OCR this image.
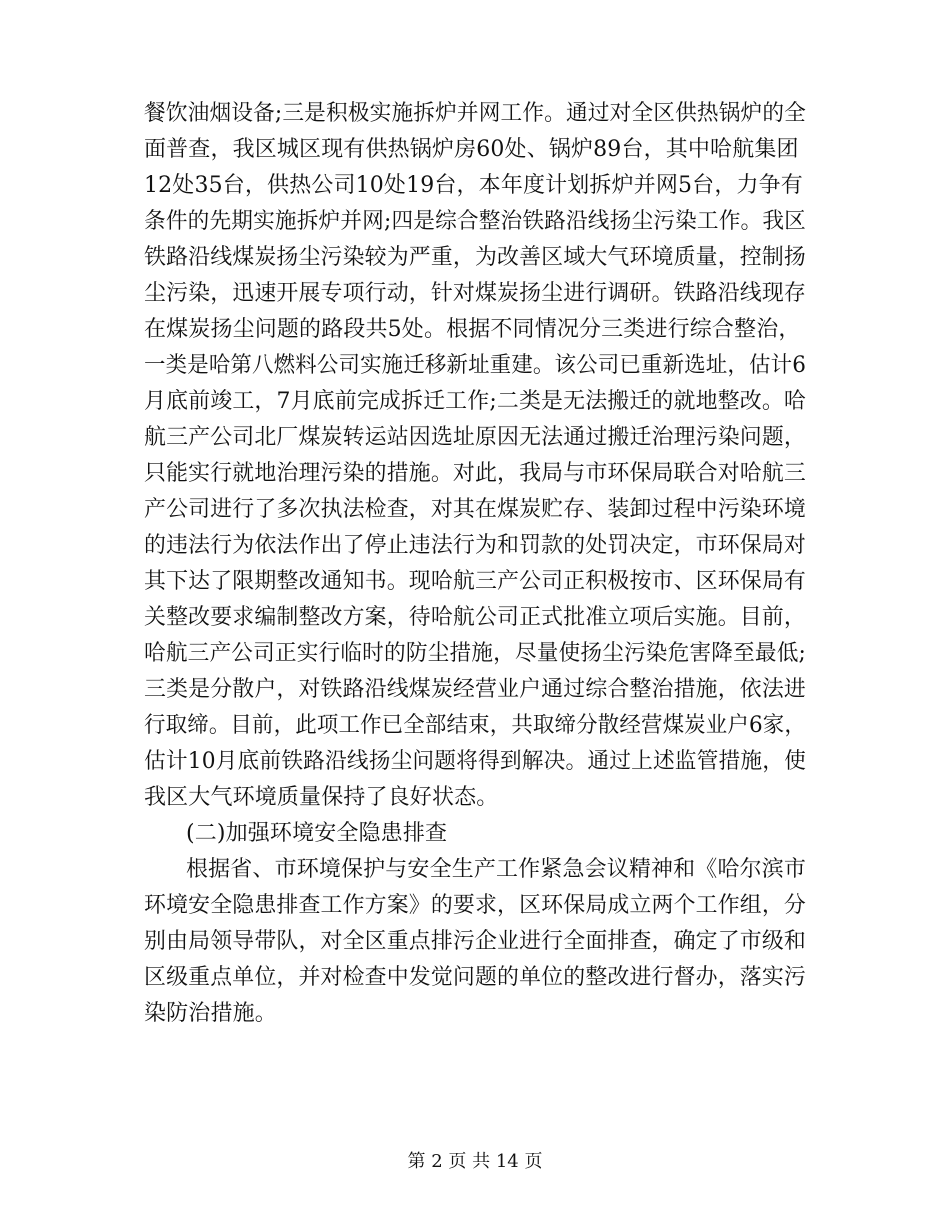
餐饮油烟设备;三是积极实施拆炉并网工作。通过对全区供热锅炉的全
面普查，我区城区现有供热锅炉房60处、锅炉89台，其中哈航集团
12处35台，供热公司10处19台，本年度计划拆炉并网5台，力争有
条件的先期实施拆炉并网;四是综合整治铁路沿线扬尘污染工作。我区
铁路沿线煤炭扬尘污染较为严重，为改善区域大气环境质量，控制扬
尘污染，迅速开展专项行动，针对煤炭扬尘进行调研。铁路沿线现存
在煤炭扬尘问题的路段共5处。根据不同情况分三类进行综合整治，
一类是哈第八燃料公司实施迁移新址重建。该公司已重新选址，估计6
月底前竣工，7月底前完成拆迁工作;二类是无法搬迁的就地整改。哈
航三产公司北厂煤炭转运站因选址原因无法通过搬迁治理污染问题，
只能实行就地治理污染的措施。对此，我局与市环保局联合对哈航三
产公司进行了多次执法检查，对其在煤炭贮存、装卸过程中污染环境
的违法行为依法作出了停止违法行为和罚款的处罚决定，市环保局对
其下达了限期整改通知书。现哈航三产公司正积极按市、区环保局有
关整改要求编制整改方案，待哈航公司正式批准立项后实施。目前，
哈航三产公司正实行临时的防尘措施，尽量使扬尘污染危害降至最低;
三类是分散户，对铁路沿线煤炭经营业户通过综合整治措施，依法进
行取缔。目前，此项工作已全部结束，共取缔分散经营煤炭业户6家，
估计10月底前铁路沿线扬尘问题将得到解决。通过上述监管措施，使
我区大气环境质量保持了良好状态。
(二)加强环境安全隐患排查
根据省、市环境保护与安全生产工作紧急会议精神和《哈尔滨市
环境安全隐患排查工作方案》的要求，区环保局成立两个工作组，分
别由局领导带队，对全区重点排污企业进行全面排查，确定了市级和
区级重点单位，并对检查中发觉问题的单位的整改进行督办，落实污
染防治措施。
第 2 页 共 14 页
